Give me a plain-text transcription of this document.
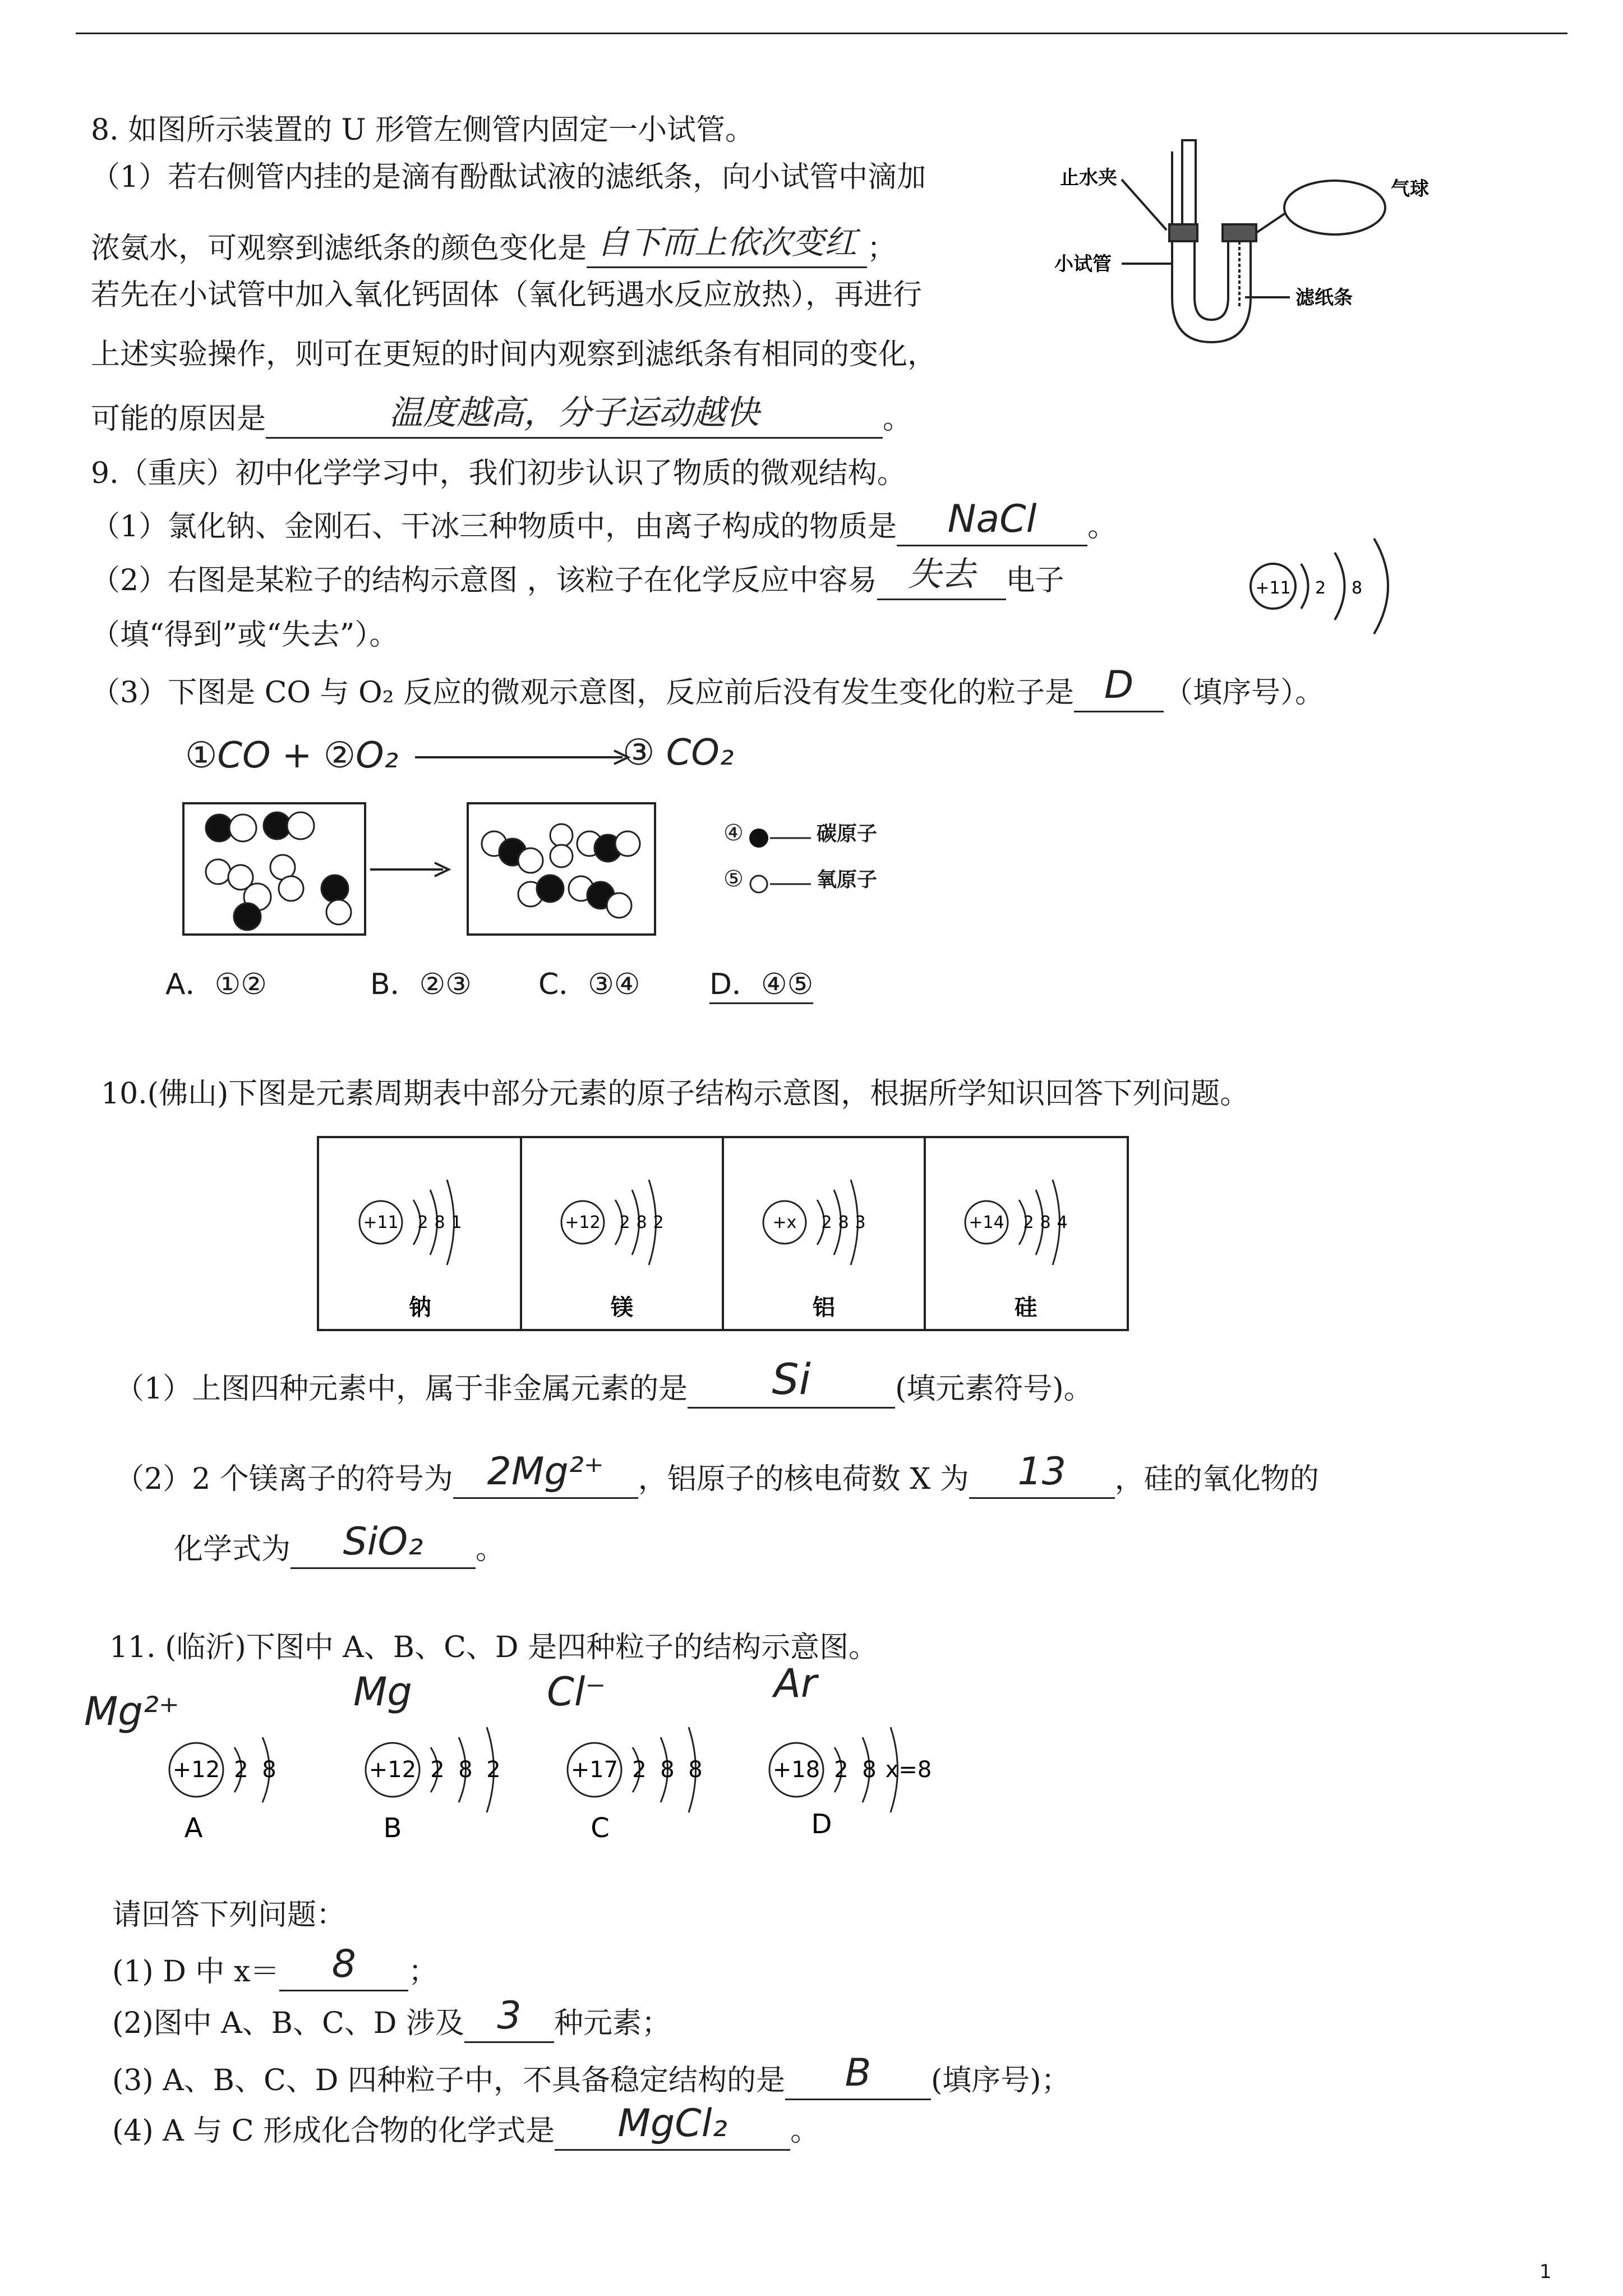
8. 如图所示装置的 U 形管左侧管内固定一小试管。
（1）若右侧管内挂的是滴有酚酞试液的滤纸条，向小试管中滴加
浓氨水，可观察到滤纸条的颜色变化是 自下而上依次变红 ；
若先在小试管中加入氧化钙固体（氧化钙遇水反应放热），再进行
上述实验操作，则可在更短的时间内观察到滤纸条有相同的变化，
可能的原因是	温度越高，分子运动越快	。
止水夹	气球
小试管
滤纸条
9.（重庆）初中化学学习中，我们初步认识了物质的微观结构。
（1）氯化钠、金刚石、干冰三种物质中，由离子构成的物质是 NaCl 。
（2）右图是某粒子的结构示意图 ，该粒子在化学反应中容易 失去 电子
（填“得到”或“失去”）。
（3）下图是 CO 与 O₂ 反应的微观示意图，反应前后没有发生变化的粒子是 D （填序号）。
+11 2 8
①CO + ②O₂	③ CO₂
④	碳原子
⑤	氧原子
A．①②	B．②③ C．③④ D．④⑤
10.(佛山)下图是元素周期表中部分元素的原子结构示意图，根据所学知识回答下列问题。
+11 2 8 1	+12 2 8 2	+x 2 8 3	+14 2 8 4
钠	镁	铝	硅
（1）上图四种元素中，属于非金属元素的是 Si	(填元素符号)。
（2）2 个镁离子的符号为 2Mg²⁺ ，铝原子的核电荷数 X 为 13 ，硅的氧化物的
化学式为 SiO₂ 。
11. (临沂)下图中 A、B、C、D 是四种粒子的结构示意图。
Mg²⁺	Mg	Cl⁻	Ar
+12 2 8
A
+12 2 8 2
B
+17 2 8 8
C
+18 2 8 x=8
D
请回答下列问题：
(1) D 中 x＝ 8 ；
(2)图中 A、B、C、D 涉及 3 种元素；
(3) A、B、C、D 四种粒子中，不具备稳定结构的是 B (填序号)；
(4) A 与 C 形成化合物的化学式是 MgCl₂ 。
1
